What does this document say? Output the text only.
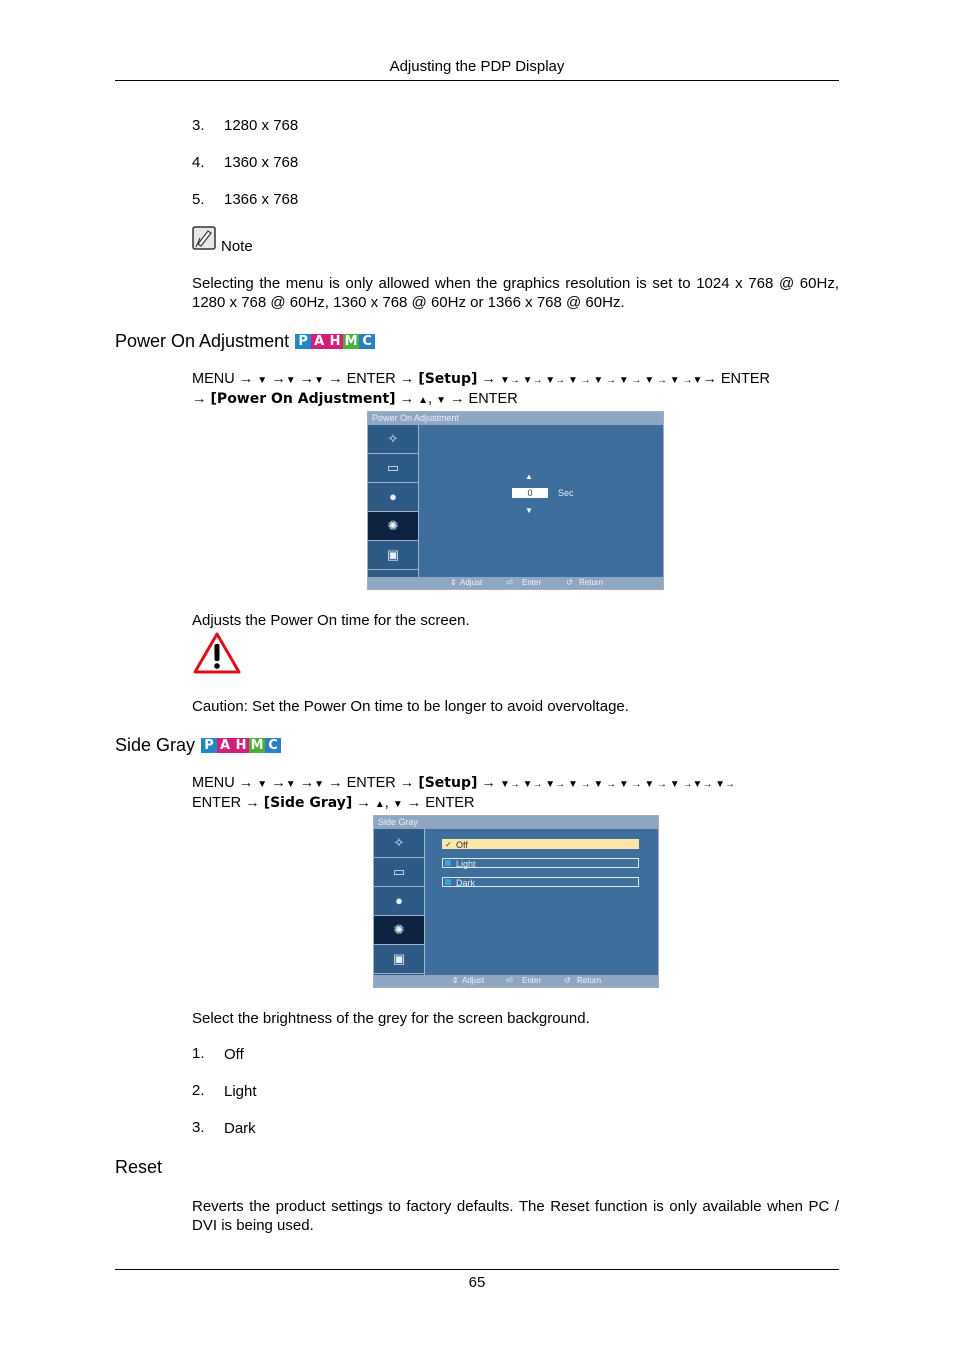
Adjusting the PDP Display
3.	1280 x 768
4.	1360 x 768
5.	1366 x 768
Note
Selecting the menu is only allowed when the graphics resolution is set to 1024 x 768 @ 60Hz, 1280 x 768 @ 60Hz, 1360 x 768 @ 60Hz or 1366 x 768 @ 60Hz.
Power On Adjustment P A H M C
MENU → ▼ →▼ →▼ → ENTER → [Setup] → ▼→ ▼→ ▼→ ▼ → ▼ → ▼ → ▼ → ▼ →▼→ ENTER
→ [Power On Adjustment] → ▲, ▼ → ENTER
Power On Adjustment
✧
▭
●
✺
▣
▲
0	Sec
▼
⇕ Adjust	⏎ Enter	↺ Return
Adjusts the Power On time for the screen.
Caution: Set the Power On time to be longer to avoid overvoltage.
Side Gray P A H M C
MENU → ▼ →▼ →▼ → ENTER → [Setup] → ▼→ ▼→ ▼→ ▼ → ▼ → ▼ → ▼ → ▼ →▼→ ▼→
ENTER → [Side Gray] → ▲, ▼ → ENTER
Side Gray
✧
▭
●
✺
▣
✓ Off
Light
Dark
⇕ Adjust	⏎ Enter	↺ Return
Select the brightness of the grey for the screen background.
1.	Off
2.	Light
3.	Dark
Reset
Reverts the product settings to factory defaults. The Reset function is only available when PC / DVI is being used.
65
